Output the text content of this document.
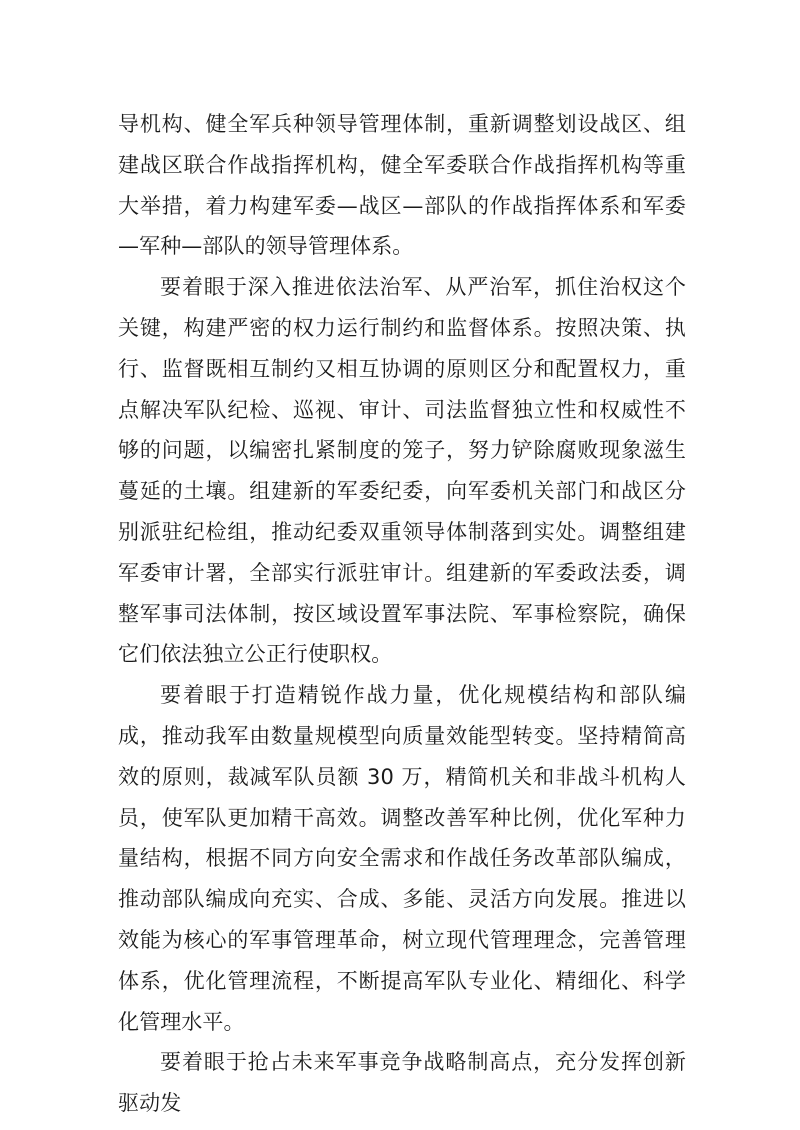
导机构、健全军兵种领导管理体制，重新调整划设战区、组建战区联合作战指挥机构，健全军委联合作战指挥机构等重大举措，着力构建军委—战区—部队的作战指挥体系和军委—军种—部队的领导管理体系。

要着眼于深入推进依法治军、从严治军，抓住治权这个关键，构建严密的权力运行制约和监督体系。按照决策、执行、监督既相互制约又相互协调的原则区分和配置权力，重点解决军队纪检、巡视、审计、司法监督独立性和权威性不够的问题，以编密扎紧制度的笼子，努力铲除腐败现象滋生蔓延的土壤。组建新的军委纪委，向军委机关部门和战区分别派驻纪检组，推动纪委双重领导体制落到实处。调整组建军委审计署，全部实行派驻审计。组建新的军委政法委，调整军事司法体制，按区域设置军事法院、军事检察院，确保它们依法独立公正行使职权。

要着眼于打造精锐作战力量，优化规模结构和部队编成，推动我军由数量规模型向质量效能型转变。坚持精简高效的原则，裁减军队员额 30 万，精简机关和非战斗机构人员，使军队更加精干高效。调整改善军种比例，优化军种力量结构，根据不同方向安全需求和作战任务改革部队编成，推动部队编成向充实、合成、多能、灵活方向发展。推进以效能为核心的军事管理革命，树立现代管理理念，完善管理体系，优化管理流程，不断提高军队专业化、精细化、科学化管理水平。

要着眼于抢占未来军事竞争战略制高点，充分发挥创新驱动发
